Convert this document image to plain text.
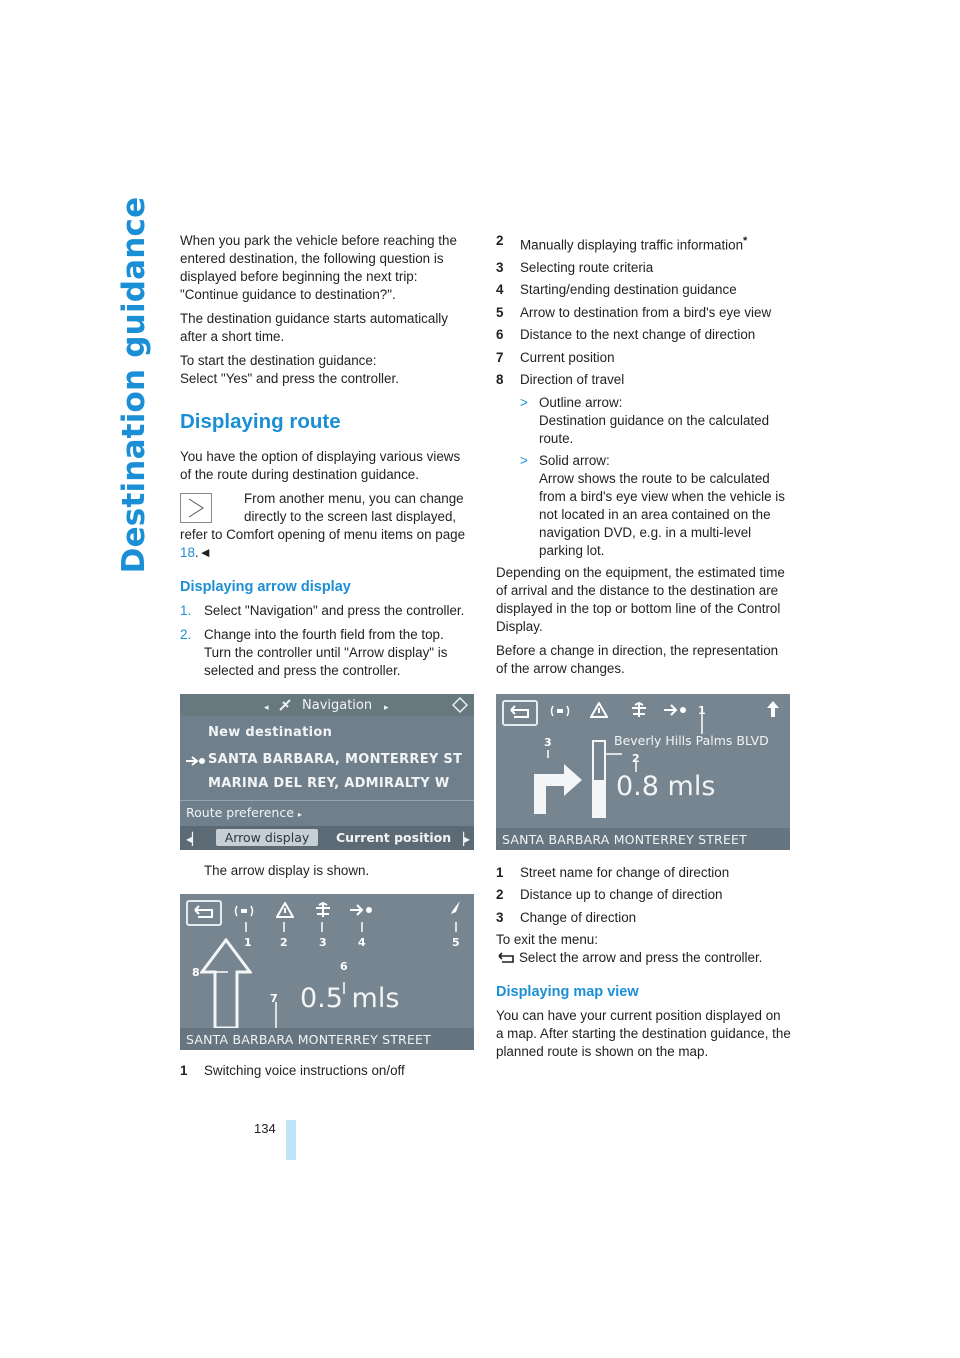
Destination guidance
134

When you park the vehicle before reaching the entered destination, the following question is displayed before beginning the next trip: "Continue guidance to destination?".

The destination guidance starts automatically after a short time.

To start the destination guidance:
Select "Yes" and press the controller.

Displaying route

You have the option of displaying various views of the route during destination guidance.

From another menu, you can change directly to the screen last displayed,
refer to Comfort opening of menu items on page 18.◄
Displaying arrow display
1. Select "Navigation" and press the controller.
2. Change into the fourth field from the top. Turn the controller until "Arrow display" is selected and press the controller.
◂	Navigation ▸
New destination
SANTA BARBARA, MONTERREY ST
MARINA DEL REY, ADMIRALTY W
Route preference ▸
◂▏	Arrow display	Current position ▕▸

The arrow display is shown.

1	2	3	4	5
6
7
8
0.5 mls
SANTA BARBARA MONTERREY STREET
1	Switching voice instructions on/off
2	Manually displaying traffic information*
3	Selecting route criteria
4	Starting/ending destination guidance
5	Arrow to destination from a bird's eye view
6	Distance to the next change of direction
7	Current position
8	Direction of travel
> Outline arrow:
Destination guidance on the calculated route.
> Solid arrow:
Arrow shows the route to be calculated from a bird's eye view when the vehicle is not located in an area contained on the navigation DVD, e.g. in a multi-level parking lot.

Depending on the equipment, the estimated time of arrival and the distance to the destination are displayed in the top or bottom line of the Control Display.

Before a change in direction, the representation of the arrow changes.

1
2
3	Beverly Hills Palms BLVD
0.8 mls
SANTA BARBARA MONTERREY STREET
1	Street name for change of direction
2	Distance up to change of direction
3	Change of direction

To exit the menu:

Select the arrow and press the controller.

Displaying map view

You can have your current position displayed on a map. After starting the destination guidance, the planned route is shown on the map.
